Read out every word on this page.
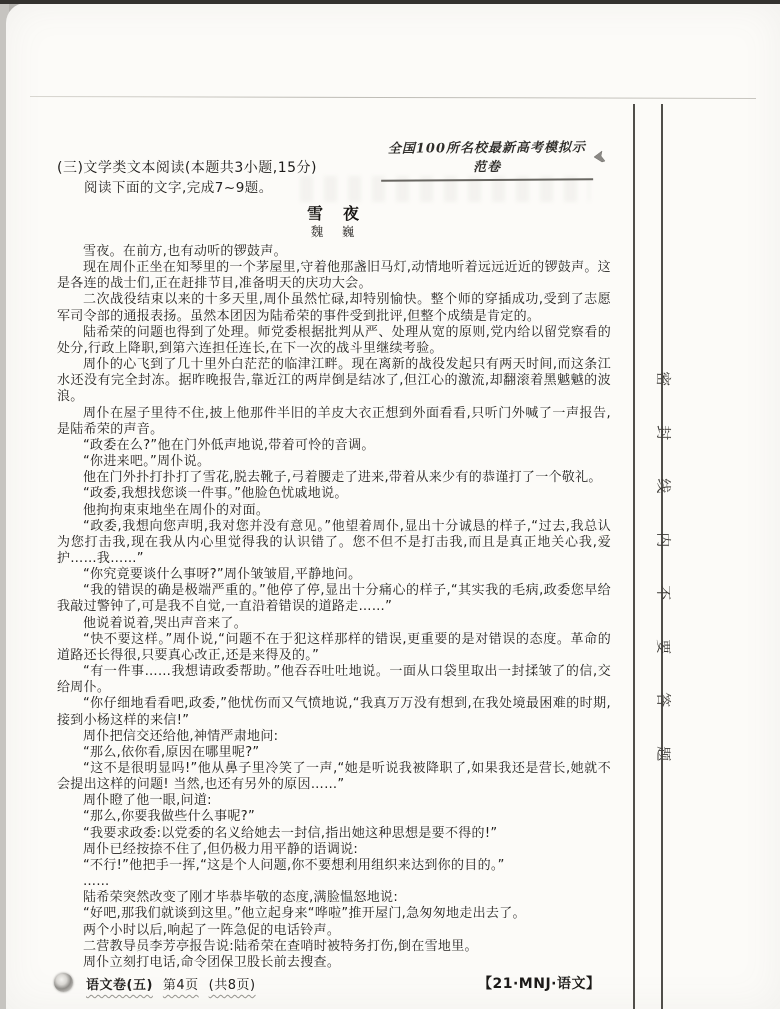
全国100所名校最新高考模拟示范卷
密
封
线
内
不
要
答
题
(三)文学类文本阅读(本题共3小题,15分)
阅读下面的文字,完成7~9题。
雪　夜
魏　巍

雪夜。在前方,也有动听的锣鼓声。

现在周仆正坐在知琴里的一个茅屋里,守着他那盏旧马灯,动情地听着远远近近的锣鼓声。这是各连的战士们,正在赶排节目,准备明天的庆功大会。

二次战役结束以来的十多天里,周仆虽然忙碌,却特别愉快。整个师的穿插成功,受到了志愿军司令部的通报表扬。虽然本团因为陆希荣的事件受到批评,但整个成绩是肯定的。

陆希荣的问题也得到了处理。师党委根据批判从严、处理从宽的原则,党内给以留党察看的处分,行政上降职,到第六连担任连长,在下一次的战斗里继续考验。

周仆的心飞到了几十里外白茫茫的临津江畔。现在离新的战役发起只有两天时间,而这条江水还没有完全封冻。据昨晚报告,靠近江的两岸倒是结冰了,但江心的激流,却翻滚着黑魆魆的波浪。

周仆在屋子里待不住,披上他那件半旧的羊皮大衣正想到外面看看,只听门外喊了一声报告,是陆希荣的声音。

“政委在么?”他在门外低声地说,带着可怜的音调。

“你进来吧。”周仆说。

他在门外扑打扑打了雪花,脱去靴子,弓着腰走了进来,带着从来少有的恭谨打了一个敬礼。

“政委,我想找您谈一件事。”他脸色忧戚地说。

他拘拘束束地坐在周仆的对面。

“政委,我想向您声明,我对您并没有意见。”他望着周仆,显出十分诚恳的样子,“过去,我总认为您打击我,现在我从内心里觉得我的认识错了。您不但不是打击我,而且是真正地关心我,爱护……我……”

“你究竟要谈什么事呀?”周仆皱皱眉,平静地问。

“我的错误的确是极端严重的。”他停了停,显出十分痛心的样子,“其实我的毛病,政委您早给我敲过警钟了,可是我不自觉,一直沿着错误的道路走……”

他说着说着,哭出声音来了。

“快不要这样。”周仆说,“问题不在于犯这样那样的错误,更重要的是对错误的态度。革命的道路还长得很,只要真心改正,还是来得及的。”

“有一件事……我想请政委帮助。”他吞吞吐吐地说。一面从口袋里取出一封揉皱了的信,交给周仆。

“你仔细地看看吧,政委,”他忧伤而又气愤地说,“我真万万没有想到,在我处境最困难的时期,接到小杨这样的来信!”

周仆把信交还给他,神情严肃地问:

“那么,依你看,原因在哪里呢?”

“这不是很明显吗!”他从鼻子里冷笑了一声,“她是听说我被降职了,如果我还是营长,她就不会提出这样的问题! 当然,也还有另外的原因……”

周仆瞪了他一眼,问道:

“那么,你要我做些什么事呢?”

“我要求政委:以党委的名义给她去一封信,指出她这种思想是要不得的!”

周仆已经按捺不住了,但仍极力用平静的语调说:

“不行!”他把手一挥,“这是个人问题,你不要想利用组织来达到你的目的。”

……

陆希荣突然改变了刚才毕恭毕敬的态度,满脸愠怒地说:

“好吧,那我们就谈到这里。”他立起身来“哗啦”推开屋门,急匆匆地走出去了。

两个小时以后,响起了一阵急促的电话铃声。

二营教导员李芳亭报告说:陆希荣在查哨时被特务打伤,倒在雪地里。

周仆立刻打电话,命令团保卫股长前去搜查。

语文卷(五) 第4页 (共8页)	【21·MNJ·语文】
